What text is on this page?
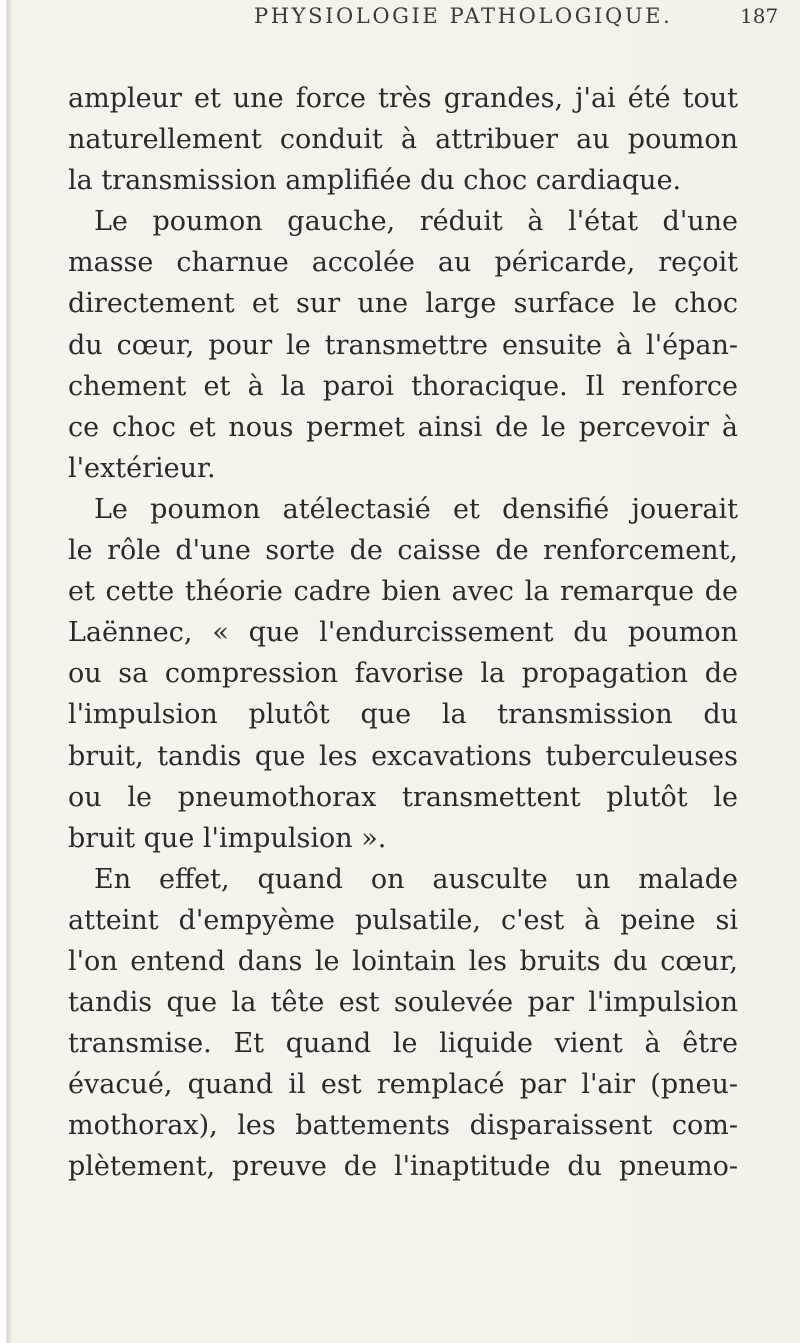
PHYSIOLOGIE PATHOLOGIQUE.	187
ampleur et une force très grandes, j'ai été tout
naturellement conduit à attribuer au poumon
la transmission amplifiée du choc cardiaque.
Le poumon gauche, réduit à l'état d'une
masse charnue accolée au péricarde, reçoit
directement et sur une large surface le choc
du cœur, pour le transmettre ensuite à l'épan-
chement et à la paroi thoracique. Il renforce
ce choc et nous permet ainsi de le percevoir à
l'extérieur.
Le poumon atélectasié et densifié jouerait
le rôle d'une sorte de caisse de renforcement,
et cette théorie cadre bien avec la remarque de
Laënnec, « que l'endurcissement du poumon
ou sa compression favorise la propagation de
l'impulsion plutôt que la transmission du
bruit, tandis que les excavations tuberculeuses
ou le pneumothorax transmettent plutôt le
bruit que l'impulsion ».
En effet, quand on ausculte un malade
atteint d'empyème pulsatile, c'est à peine si
l'on entend dans le lointain les bruits du cœur,
tandis que la tête est soulevée par l'impulsion
transmise. Et quand le liquide vient à être
évacué, quand il est remplacé par l'air (pneu-
mothorax), les battements disparaissent com-
plètement, preuve de l'inaptitude du pneumo-
